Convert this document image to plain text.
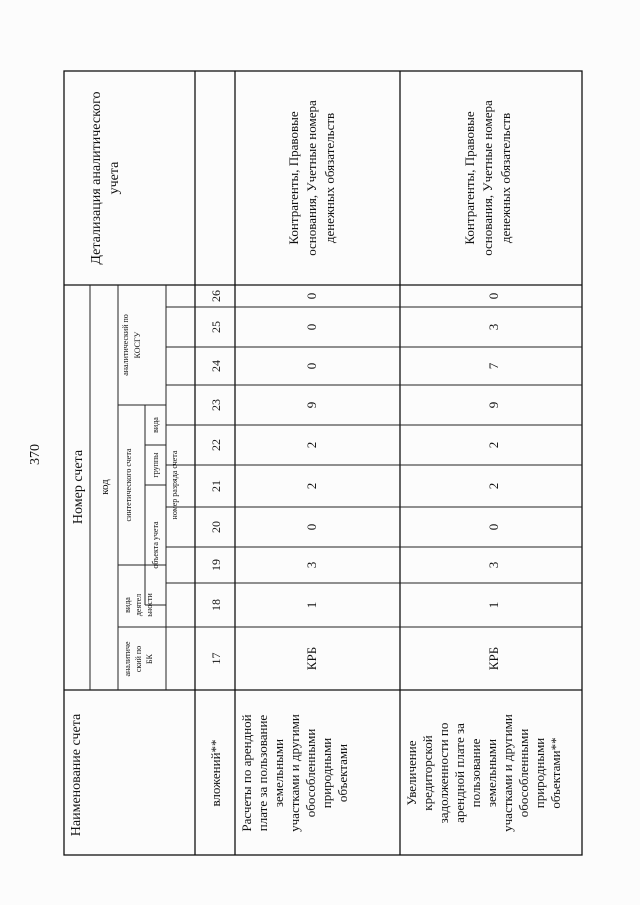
370
Наименование счета
Номер счета код
аналитиче ский по БК
вида деятел ьности
синтетического счета
объекта учета
группы
вида
аналитический по КОСГУ
номер разряда счета
Детализация аналитического учета
17
18
19
20
21
22
23
24
25
26
вложений** Расчеты по арендной плате за пользование земельными участками и другими обособленными природными объектами
КРБ
1
3
0
2
2
9
0
0
0
Контрагенты, Правовые основания, Учетные номера денежных обязательств
Увеличение кредиторской задолженности по арендной плате за пользование земельными участками и другими обособленными природными объектами**
КРБ
1
3
0
2
2
9
7
3
0
Контрагенты, Правовые основания, Учетные номера денежных обязательств
